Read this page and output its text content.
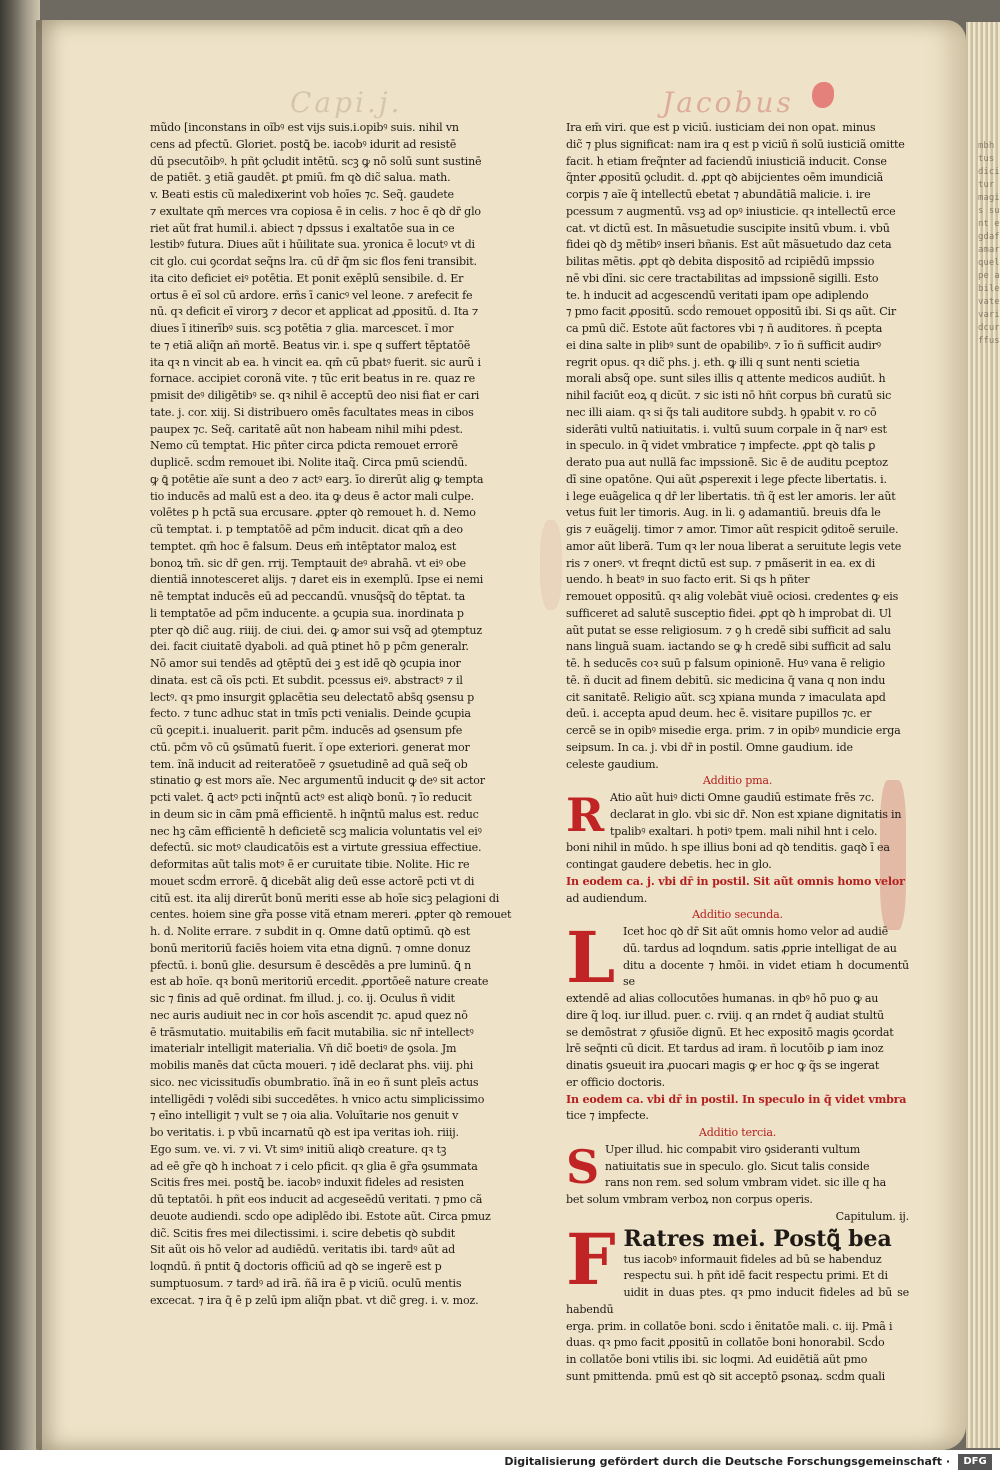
mbh tus dicitur magis sunt e gdaf amar quelpe abile vate vari dcur ffus
Capi.j.	Jacobus

mũdo [inconstans in oĩbꝰ est vijs suis.i.opibꝰ suis. nihil vn

cens ad pfectū. Gloriet. postꝗ̃ be. iacobꝰ idurit ad resistē

dū psecutōibꝰ. h pñt ꝯcludit intētū. scꝫ ꝙ nō solū sunt sustinē

de patiēt. ꝫ etiã gaudēt. ꝑt pmiū. fm qꝺ dic̃ salua. math.

v. Beati estis cũ maledixerint vob hoīes ⁊c. Seq̃. gaudete

⁊ exultate qm̄ merces vra copiosa ē in celis. ⁊ hoc ē qꝺ dr̄ glo

riet aũt frat humil.i. abiect ⁊ dpssus i exaltatōe sua in ce

lestibꝰ futura. Diues aũt i hūilitate sua. yronica ē locutꝰ vt di

cit glo. cui ꝯcordat seq̃ns lra. cū dr̄ q̄m sic flos feni transibit.

ita cito deficiet eiꝰ potētia. Et ponit exēplū sensibile. d. Er

ortus ē eī sol cū ardore. erñs ī canicꝰ vel leone. ⁊ arefecit fe

nū. qꝛ deficit eī virorꝫ ⁊ decor et applicat ad ꝓpositū. d. Ita ⁊

diues ī itinerībꝰ suis. scꝫ potētia ⁊ glia. marcescet. ĩ mor

te ⁊ etiã aliq̃n añ mortē. Beatus vir. i. spe q suffert tēptatōẽ

ita qꝛ n vincit ab ea. h vincit ea. qm̄ cū pbatꝰ fuerit. sic aurũ i

fornace. accipiet coronã vite. ⁊ tũc erit beatus in re. quaz re

pmisit deꝰ diligētibꝰ se. qꝛ nihil ē acceptū deo nisi fiat er cari

tate. j. cor. xiij. Si distribuero omēs facultates meas in cibos

paupex ⁊c. Seq̃. caritatẽ aũt non habeam nihil mihi pdest.

Nemo cũ temptat. Hic pñter circa pdicta remouet errorē

duplicē. scḋm remouet ibi. Nolite itaq̃. Circa pmū sciendū.

ꝙ ꝗ̄ potētie aĩe sunt a deo ⁊ actꝰ earꝫ. īo direrūt alig ꝙ tempta

tio inducēs ad malū est a deo. ita ꝙ deus ē actor mali culpe.

volētes p h pctã sua ercusare. ꝓpter qꝺ remouet h. d. Nemo

cũ temptat. i. p temptatōẽ ad pc̄m inducit. dicat qm̄ a deo

temptet. qm̄ hoc ē falsum. Deus em̄ intēptator maloꝝ est

bonoꝝ tm̄. sic dr̄ gen. rrij. Temptauit deꝰ abrahã. vt eiꝰ obe

dientiã innotesceret alijs. ⁊ daret eis in exemplū. Ipse ei nemi

nē temptat inducēs eū ad peccandū. vnusq̃sq̃ do tēptat. ta

li temptatōe ad pc̄m inducente. a ꝯcupia sua. inordinata p

pter qꝺ dic̃ aug. riiij. de ciui. dei. ꝙ amor sui vsq̃ ad ꝯtemptuz

dei. facit ciuitatē dyaboli. ad quã ptinet hō p pc̄m generalr.

Nō amor sui tendēs ad ꝯtēptū dei ꝫ est idē qꝺ ꝯcupia inor

dinata. est cã oīs pcti. Et subdit. pcessus eiꝰ. abstractꝰ ⁊ il

lectꝰ. qꝛ pmo insurgit ꝯplacētia seu delectatō abs̄q ꝯsensu p

fecto. ⁊ tunc adhuc stat in tmīs pcti venialis. Deinde ꝯcupia

cũ ꝯcepit.i. inualuerit. parit pc̄m. inducēs ad ꝯsensum pfe

ctū. pc̄m vō cū ꝯsūmatū fuerit. ĩ ope exteriori. generat mor

tem. ĩnã inducit ad reiteratōeẽ ⁊ ꝯsuetudinē ad quã seq̃ ob

stinatio ꝙ est mors aĩe. Nec argumentū inducit ꝙ deꝰ sit actor

pcti valet. ꝗ̄ actꝰ pcti inq̃ntū actꝰ est aliqꝺ bonū. ⁊ īo reducit

in deum sic in cãm pmã efficientē. h inq̃ntū malus est. reduc

nec hꝫ cãm efficientē h deficietē scꝫ malicia voluntatis vel eiꝰ

defectū. sic motꝰ claudicatōis est a virtute gressiua effectiue.

deformitas aũt talis motꝰ ē er curuitate tibie. Nolite. Hic re

mouet scḋm errorē. ꝗ̄ dicebãt alig deū esse actorē pcti vt di

citū est. ita alij direrūt bonū meriti esse ab hoīe sicꝫ pelagioni di

centes. hoiem sine gr̃a posse vitã etnam mereri. ꝓpter qꝺ remouet

h. d. Nolite errare. ⁊ subdit in q. Omne datū optimū. qꝺ est

bonū meritoriū faciēs hoiem vita etna dignū. ⁊ omne donuz

pfectū. i. bonū glie. desursum ē descēdēs a pre luminū. ꝗ̄ n

est ab hoīe. qꝛ bonū meritoriū ercedit. ꝓportōeẽ nature create

sic ⁊ finis ad quē ordinat. fm illud. j. co. ij. Oculus ñ vidit

nec auris audiuit nec in cor hoīs ascendit ⁊c. apud quez nō

ē trāsmutatio. muitabilis em̄ facit mutabilia. sic nr̄ intellectꝰ

imaterialr intelligit materialia. Vn̄ dic̃ boetiꝰ de ꝯsola. Jm

mobilis manēs dat cūcta moueri. ⁊ idē declarat phs. viij. phi

sico. nec vicissitudīs obumbratio. ĩnã in eo ñ sunt pleīs actus

intelligēdi ⁊ volēdi sibi succedētes. h vnico actu simplicissimo

⁊ eīno intelligit ⁊ vult se ⁊ oia alia. Voluītarie nos genuit v

bo veritatis. i. p vbū incarnatū qꝺ est ipa veritas ioh. riiij.

Ego sum. ve. vi. ⁊ vi. Vt simꝰ initiũ aliqꝺ creature. qꝛ tꝫ

ad eē gr̃e qꝺ h inchoat ⁊ i celo pficit. qꝛ glia ē gr̃a ꝯsummata

Scitis fres mei. postꝗ̃ be. iacobꝰ induxit fideles ad resisten

dū teptatōi. h pñt eos inducit ad acgeseēdū veritati. ⁊ pmo cã

deuote audiendi. scḋo ope adiplēdo ibi. Estote aũt. Circa pmuz

dic̃. Scitis fres mei dilectissimi. i. scire debetis qꝺ subdit

Sit aũt ois hō velor ad audiēdū. veritatis ibi. tardꝰ aũt ad

loqndū. ñ pntit ꝗ̄ doctoris officiū ad qꝺ se ingerē est p

sumptuosum. ⁊ tardꝰ ad irã. ñã ira ē p viciũ. oculū mentis

excecat. ⁊ ira q̄ ē p zelū ipm aliq̃n pbat. vt dic̃ greg. i. v. moz.

Ira em̄ viri. que est p viciū. iusticiam dei non opat. minus

dic̃ ⁊ plus significat: nam ira q est p viciū ñ solū iusticiã omitte

facit. h etiam freq̃nter ad faciendū iniusticiã inducit. Conse

q̃nter ꝓpositū ꝯcludit. d. ꝓpt qꝺ abijcientes oēm imundiciã

corpis ⁊ aĩe q̃ intellectū ebetat ⁊ abundātiã malicie. i. ire

pcessum ⁊ augmentū. vsꝫ ad opꝰ iniusticie. qꝛ intellectū erce

cat. vt dictū est. In mãsuetudie suscipite insitū vbum. i. vbū

fidei qꝺ dꝫ mētibꝰ inseri bñanis. Est aũt mãsuetudo daz ceta

bilitas mētis. ꝓpt qꝺ debita dispositō ad rcipiēdū impssio

nē vbi dīni. sic cere tractabilitas ad impssionē sigilli. Esto

te. h inducit ad acgescendū veritati ipam ope adiplendo

⁊ pmo facit ꝓpositū. scḋo remouet oppositū ibi. Si qs aũt. Cir

ca pmū dic̃. Estote aũt factores vbi ⁊ ñ auditores. ñ pcepta

ei dina salte in plibꝰ sunt de opabilibꝰ. ⁊ īo ñ sufficit audirꝰ

regrit opus. qꝛ dic̃ phs. j. eth. ꝙ illi q sunt nenti scietia

morali absq̃ ope. sunt siles illis q attente medicos audiūt. h

nihil faciūt eoꝝ q dicūt. ⁊ sic isti nō hñt corpus bñ curatū sic

nec illi aiam. qꝛ si q̃s tali auditore subdꝫ. h ꝯpabit v. ro cō

siderāti vultū natiuitatis. i. vultū suum corpale in q̃ narꝰ est

in speculo. in q̃ videt vmbratice ⁊ impfecte. ꝓpt qꝺ talis ꝑ

derato pua aut nullã fac impssionē. Sic ē de auditu pceptoz

dī sine opatōne. Qui aũt ꝓsperexit i lege ꝑfecte libertatis. i.

i lege euãgelica q dr̄ ler libertatis. tñ q̃ est ler amoris. ler aũt

vetus fuit ler timoris. Aug. in li. ꝯ adamantiū. breuis dfa le

gis ⁊ euãgelij. timor ⁊ amor. Timor aũt respicit ꝯditoẽ seruile.

amor aũt liberã. Tum qꝛ ler noua liberat a seruitute legis vete

ris ⁊ onerꝰ. vt freqnt dictū est sup. ⁊ pmãserit in ea. ex di

uendo. h beatꝰ in suo facto erit. Si qs h pñter

remouet oppositū. qꝛ alig volebãt viuē ociosi. credentes ꝙ eis

sufficeret ad salutē susceptio fidei. ꝓpt qꝺ h improbat di. Ul

aũt putat se esse religiosum. ⁊ ꝯ h credē sibi sufficit ad salu

nans linguã suam. iactando se ꝙ h credē sibi sufficit ad salu

tē. h seducēs coꝛ suū p falsum opinionē. Huꝰ vana ē religio

tē. ñ ducit ad finem debitū. sic medicina q̄ vana q non indu

cit sanitatē. Religio aũt. scꝫ xpiana munda ⁊ imaculata apd

deū. i. accepta apud deum. hec ē. visitare pupillos ⁊c. er

cercē se in opibꝰ misedie erga. prim. ⁊ in opibꝰ mundicie erga

seipsum. In ca. j. vbi dr̄ in postil. Omne gaudium. ide

celeste gaudium.

Additio pma.

R Atio aũt huiꝰ dicti Omne gaudiū estimate frēs ⁊c.

declarat in glo. vbi sic dr̄. Non est xpiane dignitatis in

tpalibꝰ exaltari. h potiꝰ tpem. mali nihil hnt i celo.

boni nihil in mūdo. h spe illius boni ad qꝺ tenditis. gaqꝺ ī ea

contingat gaudere debetis. hec in glo.

In eodem ca. j. vbi dr̄ in postil. Sit aũt omnis homo velor

ad audiendum.

Additio secunda.

L Icet hoc qꝺ dr̄ Sit aũt omnis homo velor ad audiē

dū. tardus ad loqndum. satis ꝓprie intelligat de au

ditu a docente ⁊ hmōi. in videt etiam h documentū se

extendē ad alias collocutōes humanas. in qbꝰ hō puo ꝙ au

dire q̃ loq. iur illud. puer. c. rviij. q an rndet q̃ audiat stultū

se demōstrat ⁊ ꝯfusiõe dignū. Et hec expositō magis ꝯcordat

lrē seq̄nti cū dicit. Et tardus ad iram. ñ locutōib ꝑ iam inoz

dinatis ꝯsueuit ira ꝓuocari magis ꝙ er hoc ꝙ q̃s se ingerat

er officio doctoris.

In eodem ca. vbi dr̄ in postil. In speculo in q̃ videt vmbra

tice ⁊ impfecte.

Additio tercia.

S Uper illud. hic compabit viro ꝯsideranti vultum

natiuitatis sue in speculo. glo. Sicut talis conside

rans non rem. sed solum vmbram videt. sic ille q ha

bet solum vmbram verboꝝ non corpus operis.

Capitulum. ij.

F Ratres mei. Postꝗ̃ bea

tus iacobꝰ informauit fideles ad bū se habenduz

respectu sui. h pñt idē facit respectu primi. Et di

uidit in duas ptes. qꝛ pmo inducit fideles ad bū se habendū

erga. prim. in collatōe boni. scḋo i ẽnitatōe mali. c. iij. Pmã i

duas. qꝛ pmo facit ꝓpositū in collatōe boni honorabil. Scḋo

in collatōe boni vtilis ibi. sic loqmi. Ad euidētiã aũt pmo

sunt pmittenda. pmū est qꝺ sit acceptō ꝑsonaꝝ. scḋm quali

Digitalisierung gefördert durch die Deutsche Forschungsgemeinschaft ·	DFG
